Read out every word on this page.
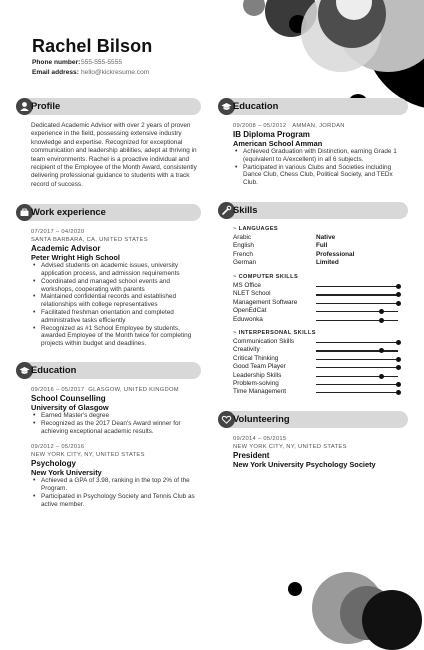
Rachel Bilson
Phone number:555-555-5555
Email address: hello@kickresume.com
Profile
Dedicated Academic Advisor with over 2 years of proven experience in the field, possessing extensive industry knowledge and expertise. Recognized for exceptional communication and leadership abilities, adept at thriving in team environments. Rachel is a proactive individual and recipient of the Employee of the Month Award, consistently delivering professional guidance to students with a track record of success.
Work experience
07/2017 – 04/2020
SANTA BARBARA, CA, UNITED STATES
Academic Advisor
Peter Wright High School
• Advised students on academic issues, university application process, and admission requirements
• Coordinated and managed school events and workshops, cooperating with parents
• Maintained confidential records and established relationships with college representatives
• Facilitated freshman orientation and completed administrative tasks efficiently
• Recognized as #1 School Employee by students, awarded Employee of the Month twice for completing projects within budget and deadlines.
Education
09/2016 – 05/2017 GLASGOW, UNITED KINGDOM
School Counselling
University of Glasgow
• Earned Master's degree
• Recognized as the 2017 Dean's Award winner for achieving exceptional academic results.
09/2012 – 05/2016
NEW YORK CITY, NY, UNITED STATES
Psychology
New York University
• Achieved a GPA of 3.98, ranking in the top 2% of the Program.
• Participated in Psychology Society and Tennis Club as active member.
Education
09/2008 – 05/2012 AMMAN, JORDAN
IB Diploma Program
American School Amman
• Achieved Graduation with Distinction, earning Grade 1 (equivalent to A/excellent) in all 6 subjects.
• Participated in various Clubs and Societies including Dance Club, Chess Club, Political Society, and TEDx Club.
Skills
~ LANGUAGES
Arabic	Native
English	Full
French	Professional
German	Limited
~ COMPUTER SKILLS
MS Office
NLET School
Management Software
OpenEdCat
Eduwonka
~ INTERPERSONAL SKILLS
Communication Skills
Creativity
Critical Thinking
Good Team Player
Leadership Skills
Problem-solving
Time Management
Volunteering
09/2014 – 05/2015
NEW YORK CITY, NY, UNITED STATES
President
New York University Psychology Society
